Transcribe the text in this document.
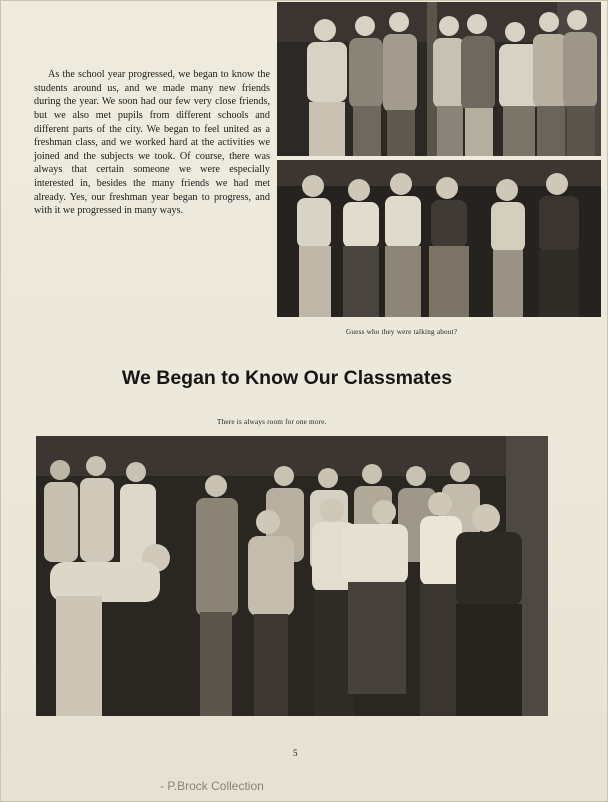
As the school year progressed, we began to know the students around us, and we made many new friends during the year. We soon had our few very close friends, but we also met pupils from different schools and different parts of the city. We began to feel united as a freshman class, and we worked hard at the activities we joined and the subjects we took. Of course, there was always that certain someone we were especially interested in, besides the many friends we had met already. Yes, our freshman year began to progress, and with it we progressed in many ways.

Guess who they were talking about?
We Began to Know Our Classmates
There is always room for one more.
5
- P.Brock Collection
